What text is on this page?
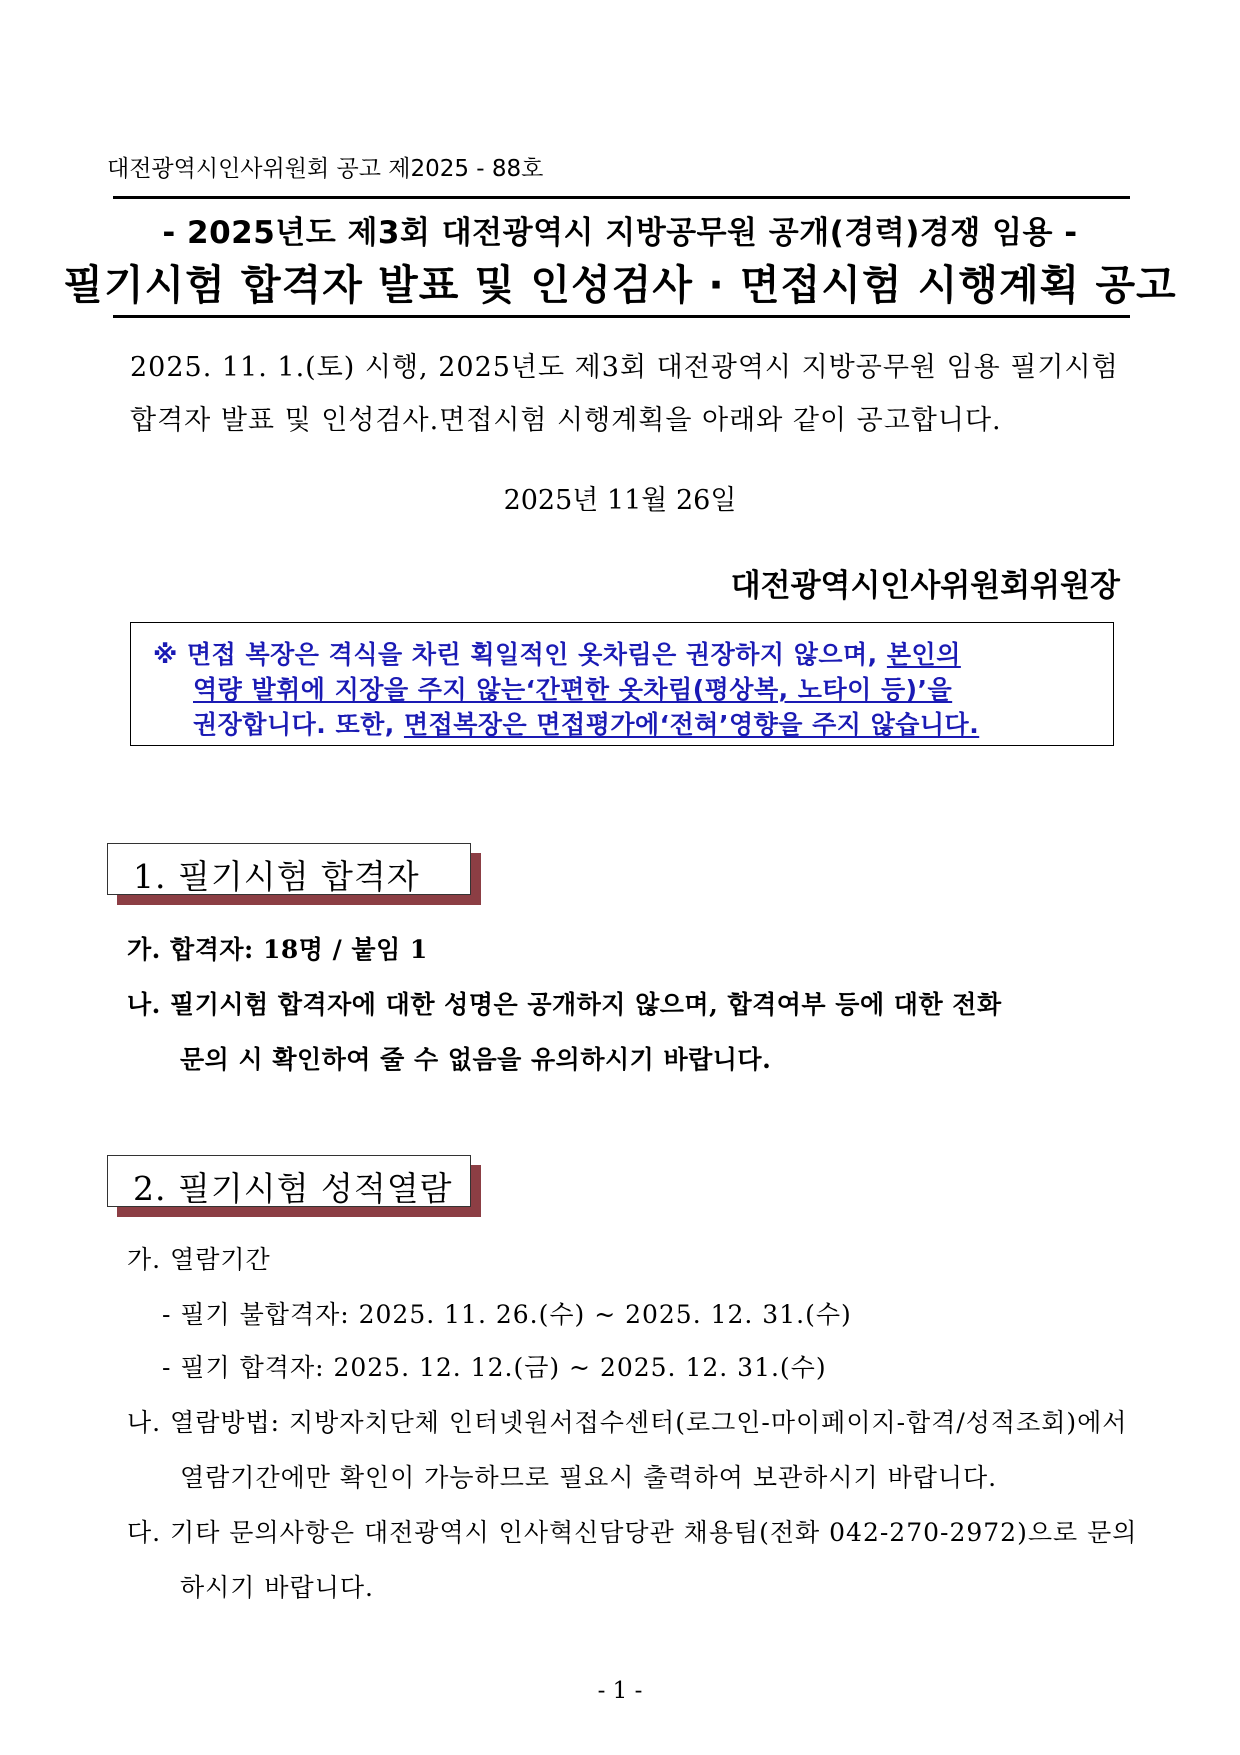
대전광역시인사위원회 공고 제2025 - 88호
- 2025년도 제3회 대전광역시 지방공무원 공개(경력)경쟁 임용 -
필기시험 합격자 발표 및 인성검사 · 면접시험 시행계획 공고
2025. 11. 1.(토) 시행, 2025년도 제3회 대전광역시 지방공무원 임용 필기시험
합격자 발표 및 인성검사.면접시험 시행계획을 아래와 같이 공고합니다.
2025년 11월 26일
대전광역시인사위원회위원장
※ 면접 복장은 격식을 차린 획일적인 옷차림은 권장하지 않으며, 본인의
역량 발휘에 지장을 주지 않는‘간편한 옷차림(평상복, 노타이 등)’을
권장합니다. 또한, 면접복장은 면접평가에‘전혀’영향을 주지 않습니다.
1. 필기시험 합격자
가. 합격자: 18명 / 붙임 1
나. 필기시험 합격자에 대한 성명은 공개하지 않으며, 합격여부 등에 대한 전화
문의 시 확인하여 줄 수 없음을 유의하시기 바랍니다.
2. 필기시험 성적열람
가. 열람기간
- 필기 불합격자: 2025. 11. 26.(수) ~ 2025. 12. 31.(수)
- 필기 합격자: 2025. 12. 12.(금) ~ 2025. 12. 31.(수)
나. 열람방법: 지방자치단체 인터넷원서접수센터(로그인-마이페이지-합격/성적조회)에서
열람기간에만 확인이 가능하므로 필요시 출력하여 보관하시기 바랍니다.
다. 기타 문의사항은 대전광역시 인사혁신담당관 채용팀(전화 042-270-2972)으로 문의
하시기 바랍니다.
- 1 -
